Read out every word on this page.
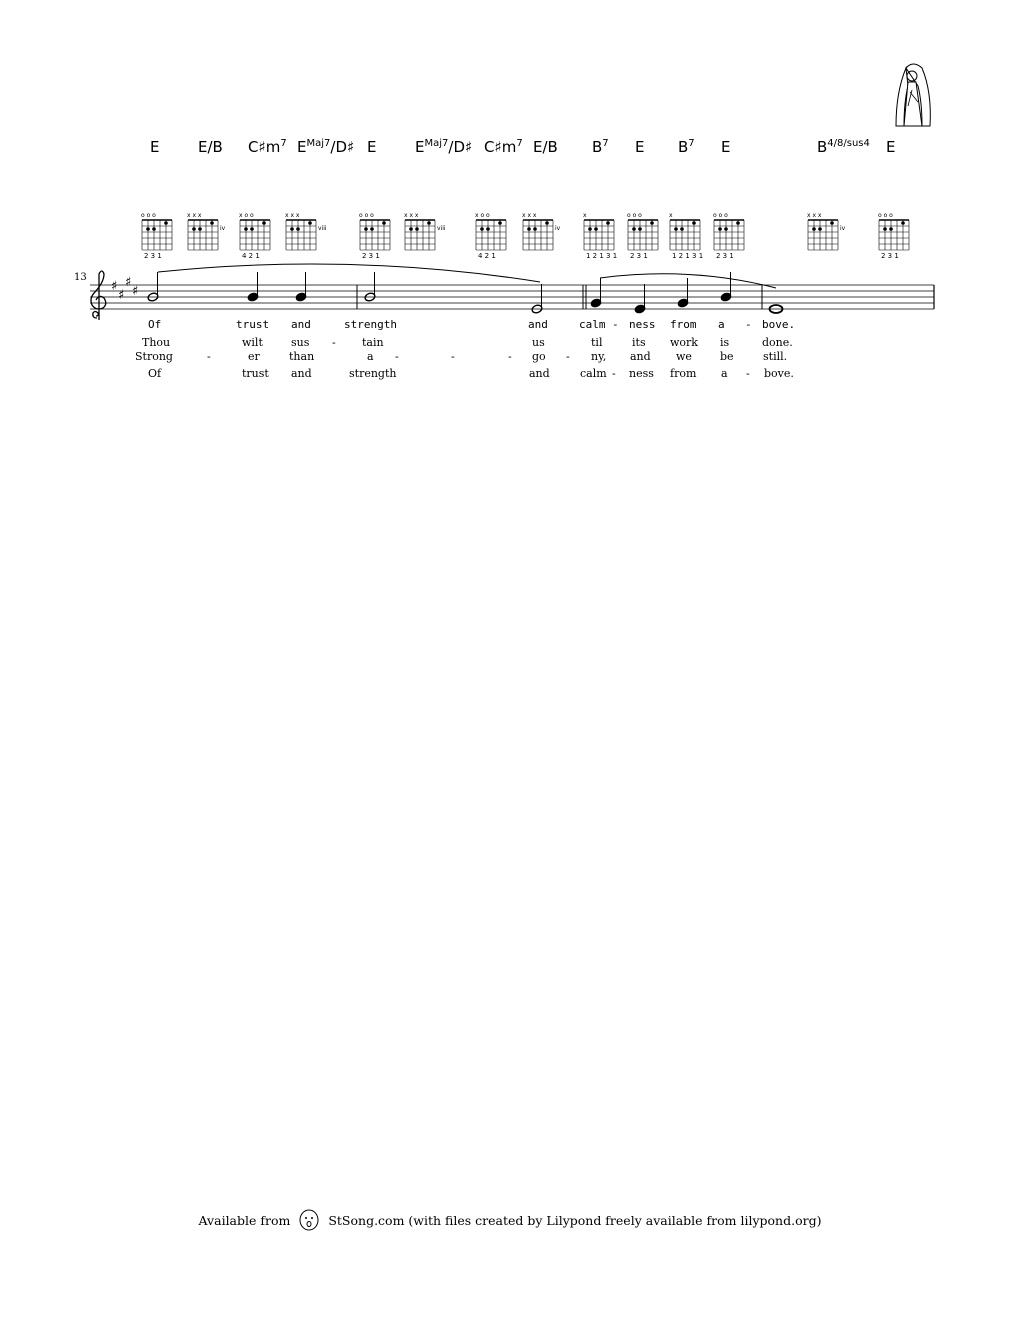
E	E/B $C♯m^7$ $E^{Maj7}/D♯$ E	$E^{Maj7}/D♯$ $C♯m^7$ E/B $B^7$ E $B^7$ E	$B^{4/8/sus4}$ E
o o o
2 3 1
x x x
iv
x o o
4 2 1
x x x
viii
o o o
2 3 1
x x x
viii
x o o
4 2 1
x x x
iv
x
1 2 1 3 1
o o o
2 3 1
x
1 2 1 3 1
o o o
2 3 1
x x x
iv
o o o
2 3 1
13
♯
♯
♯
♯
Of	trust and	strength	and	calm - ness from a - bove.
Thou	wilt	sus - tain	us	til	its work is	done.
Strong	-	er	than	a -	-	- go - ny, and we	be	still.
Of	trust and	strength	and	calm - ness from a - bove.
Available from	StSong.com (with files created by Lilypond freely available from lilypond.org)
